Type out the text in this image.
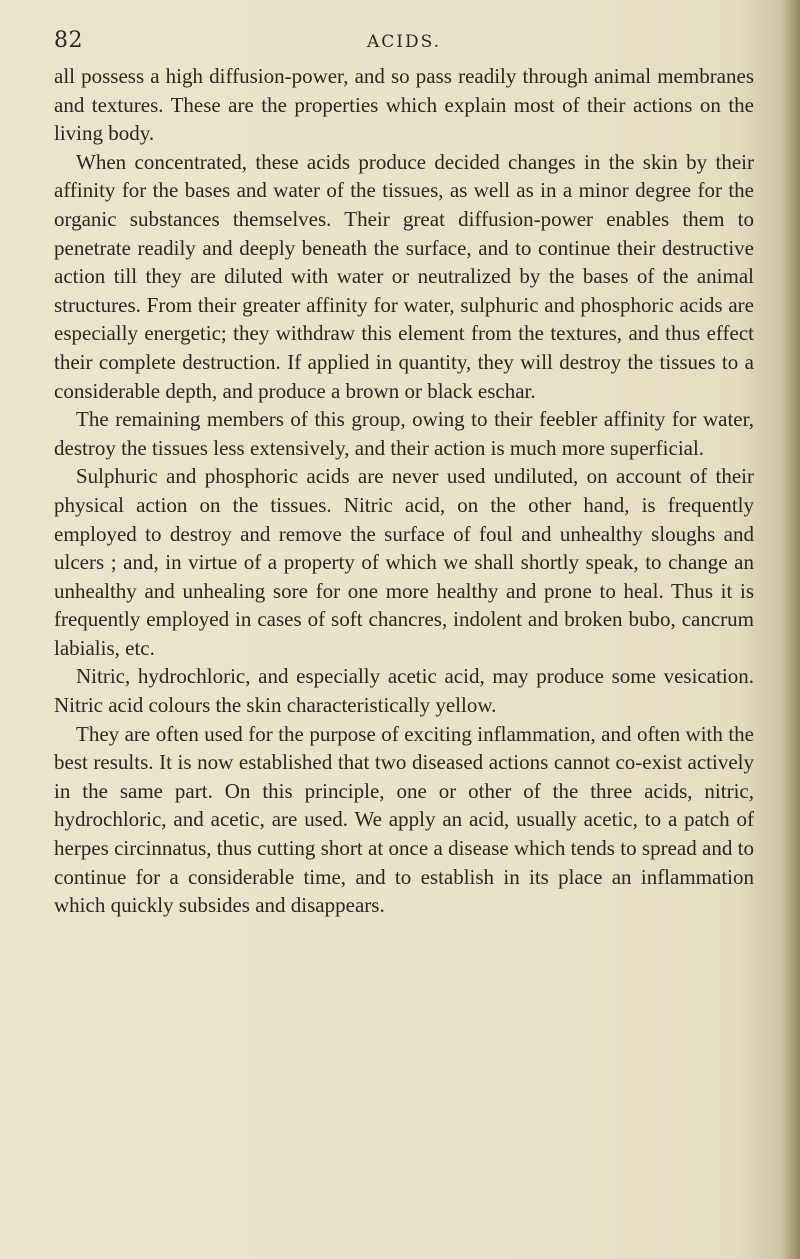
82	ACIDS.

all possess a high diffusion-power, and so pass readily through animal membranes and textures. These are the properties which explain most of their actions on the living body.

When concentrated, these acids produce decided changes in the skin by their affinity for the bases and water of the tissues, as well as in a minor degree for the organic substances themselves. Their great diffusion-power enables them to penetrate readily and deeply beneath the surface, and to continue their destructive action till they are diluted with water or neutralized by the bases of the animal structures. From their greater affinity for water, sulphuric and phosphoric acids are especially energetic; they withdraw this element from the textures, and thus effect their complete destruction. If applied in quantity, they will destroy the tissues to a considerable depth, and produce a brown or black eschar.

The remaining members of this group, owing to their feebler affinity for water, destroy the tissues less extensively, and their action is much more superficial.

Sulphuric and phosphoric acids are never used undiluted, on account of their physical action on the tissues. Nitric acid, on the other hand, is frequently employed to destroy and remove the surface of foul and unhealthy sloughs and ulcers ; and, in virtue of a property of which we shall shortly speak, to change an unhealthy and unhealing sore for one more healthy and prone to heal. Thus it is frequently employed in cases of soft chancres, indolent and broken bubo, cancrum labialis, etc.

Nitric, hydrochloric, and especially acetic acid, may produce some vesication. Nitric acid colours the skin characteristically yellow.

They are often used for the purpose of exciting inflammation, and often with the best results. It is now established that two diseased actions cannot co-exist actively in the same part. On this principle, one or other of the three acids, nitric, hydrochloric, and acetic, are used. We apply an acid, usually acetic, to a patch of herpes circinnatus, thus cutting short at once a disease which tends to spread and to continue for a considerable time, and to establish in its place an inflammation which quickly subsides and disappears.
